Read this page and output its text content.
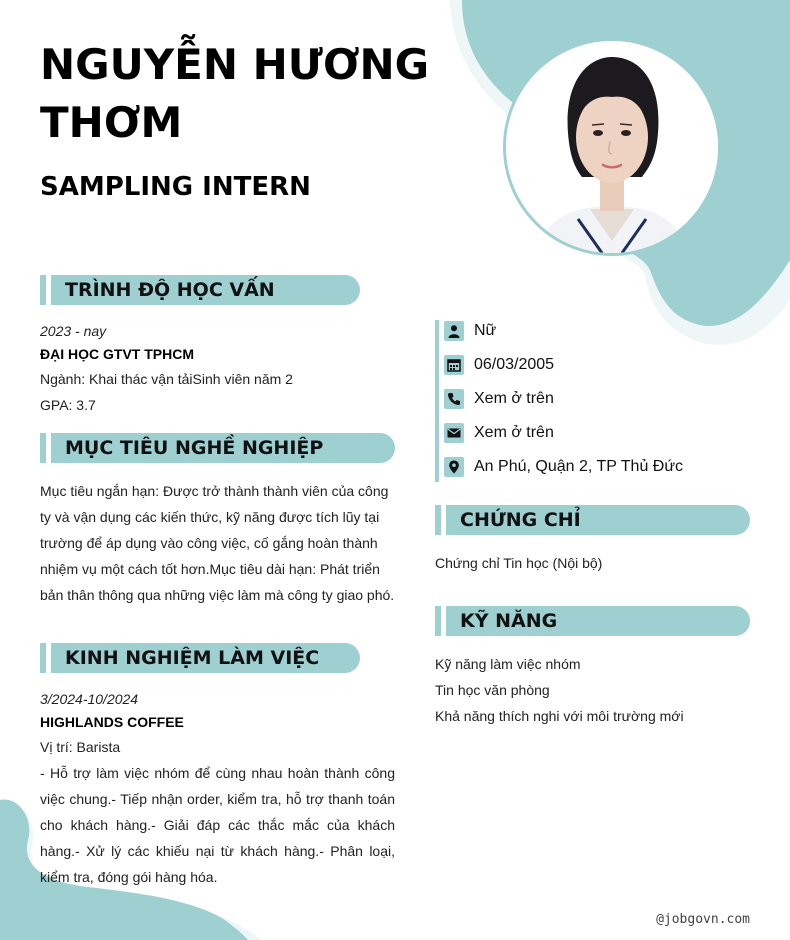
NGUYỄN HƯƠNG THƠM
SAMPLING INTERN
TRÌNH ĐỘ HỌC VẤN
2023 - nay
ĐẠI HỌC GTVT TPHCM
Ngành: Khai thác vận tảiSinh viên năm 2
GPA: 3.7
MỤC TIÊU NGHỀ NGHIỆP

Mục tiêu ngắn hạn: Được trở thành thành viên của công ty và vận dụng các kiến thức, kỹ năng được tích lũy tại trường để áp dụng vào công việc, cố gắng hoàn thành nhiệm vụ một cách tốt hơn.Mục tiêu dài hạn: Phát triển bản thân thông qua những việc làm mà công ty giao phó.

KINH NGHIỆM LÀM VIỆC
3/2024-10/2024
HIGHLANDS COFFEE
Vị trí: Barista

- Hỗ trợ làm việc nhóm để cùng nhau hoàn thành công việc chung.- Tiếp nhận order, kiểm tra, hỗ trợ thanh toán cho khách hàng.- Giải đáp các thắc mắc của khách hàng.- Xử lý các khiếu nại từ khách hàng.- Phân loại, kiểm tra, đóng gói hàng hóa.

Nữ
06/03/2005
Xem ở trên
Xem ở trên
An Phú, Quận 2, TP Thủ Đức
CHỨNG CHỈ
Chứng chỉ Tin học (Nội bộ)
KỸ NĂNG
Kỹ năng làm việc nhóm
Tin học văn phòng
Khả năng thích nghi với môi trường mới
@jobgovn.com
